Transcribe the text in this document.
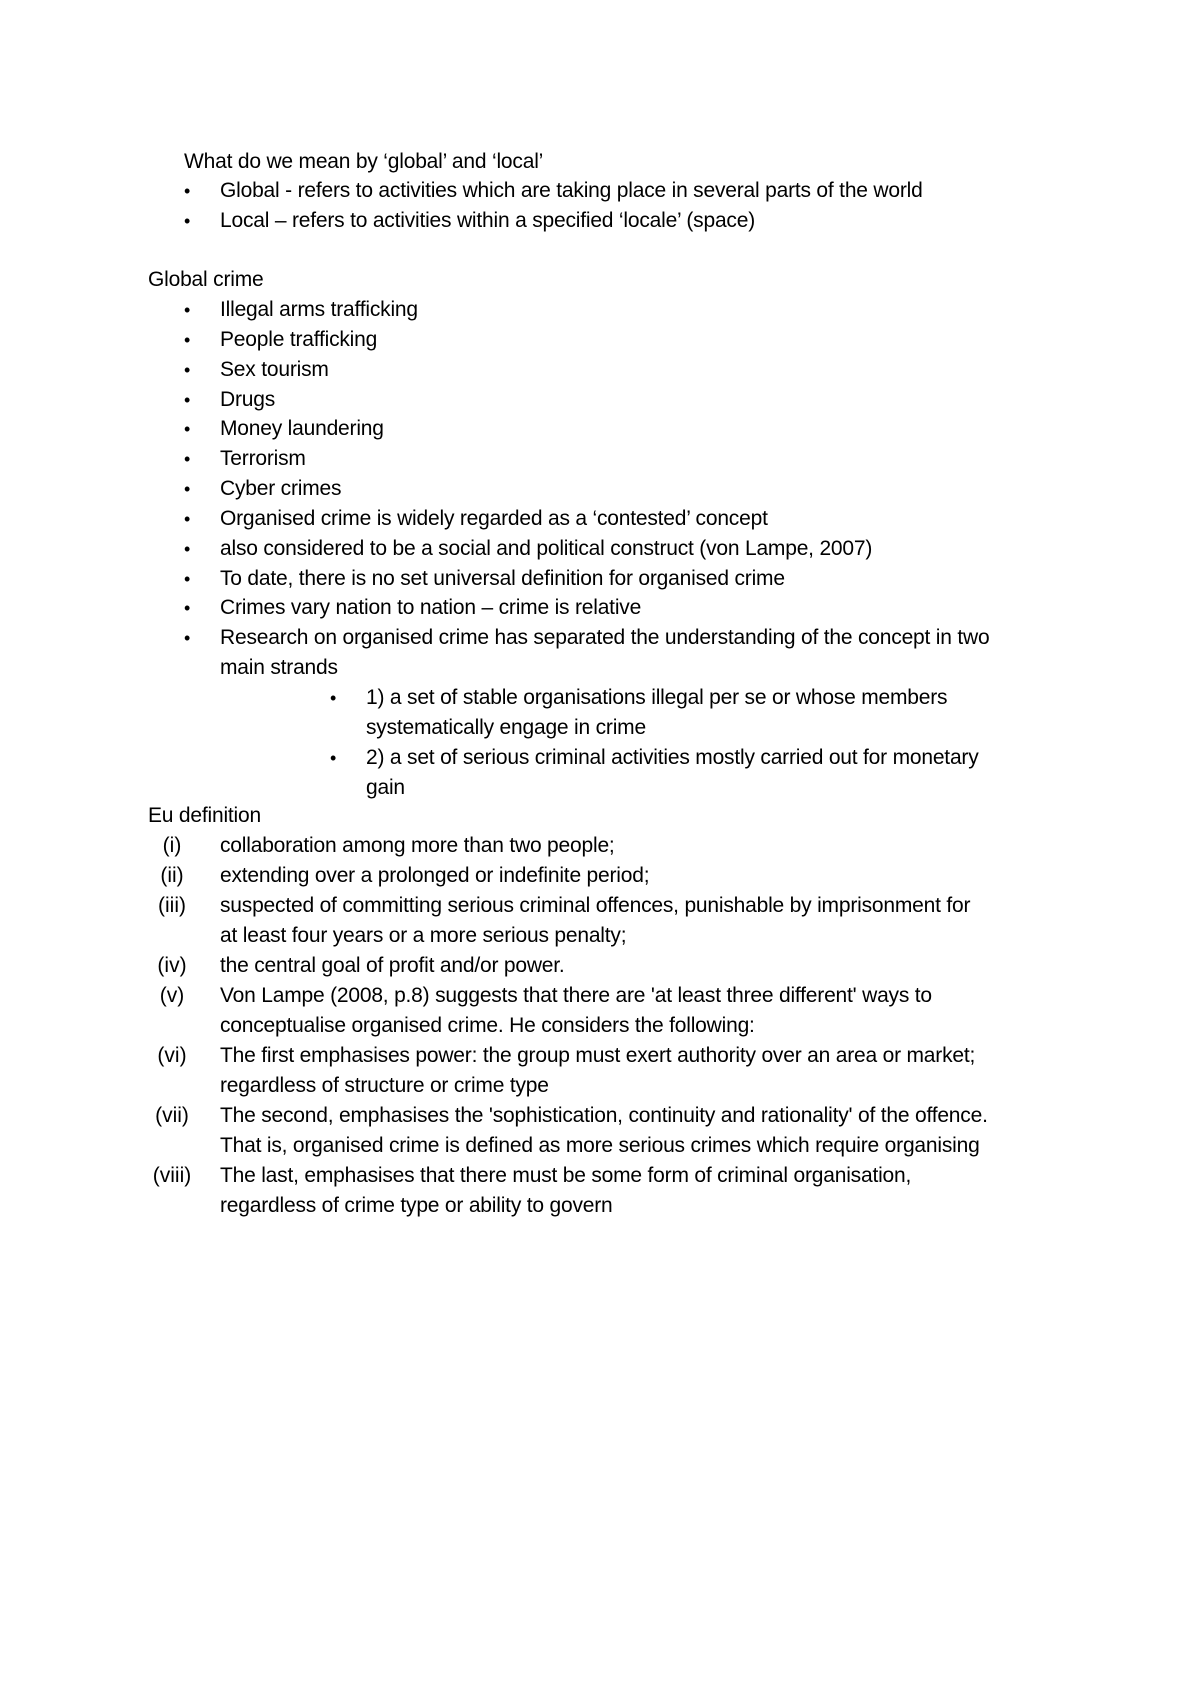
What do we mean by ‘global’ and ‘local’
• Global - refers to activities which are taking place in several parts of the world
• Local – refers to activities within a specified ‘locale’ (space)
Global crime
• Illegal arms trafficking
• People trafficking
• Sex tourism
• Drugs
• Money laundering
• Terrorism
• Cyber crimes
• Organised crime is widely regarded as a ‘contested’ concept
• also considered to be a social and political construct (von Lampe, 2007)
• To date, there is no set universal definition for organised crime
• Crimes vary nation to nation – crime is relative
• Research on organised crime has separated the understanding of the concept in two
main strands
• 1) a set of stable organisations illegal per se or whose members
systematically engage in crime
• 2) a set of serious criminal activities mostly carried out for monetary
gain
Eu definition
(i)	collaboration among more than two people;
(ii)	extending over a prolonged or indefinite period;
(iii)	suspected of committing serious criminal offences, punishable by imprisonment for
at least four years or a more serious penalty;
(iv)	the central goal of profit and/or power.
(v)	Von Lampe (2008, p.8) suggests that there are 'at least three different' ways to
conceptualise organised crime. He considers the following:
(vi)	The first emphasises power: the group must exert authority over an area or market;
regardless of structure or crime type
(vii)	The second, emphasises the 'sophistication, continuity and rationality' of the offence.
That is, organised crime is defined as more serious crimes which require organising
(viii)	The last, emphasises that there must be some form of criminal organisation,
regardless of crime type or ability to govern
